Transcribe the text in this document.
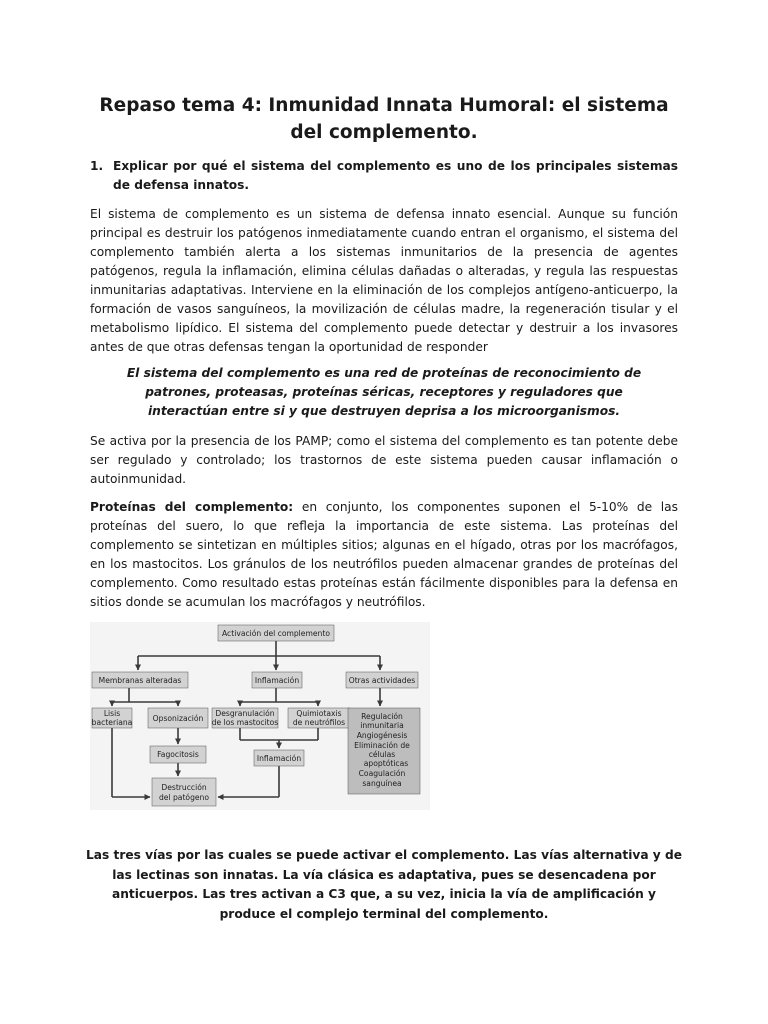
Repaso tema 4: Inmunidad Innata Humoral: el sistema del complemento.
1. Explicar por qué el sistema del complemento es uno de los principales sistemas de defensa innatos.

El sistema de complemento es un sistema de defensa innato esencial. Aunque su función principal es destruir los patógenos inmediatamente cuando entran el organismo, el sistema del complemento también alerta a los sistemas inmunitarios de la presencia de agentes patógenos, regula la inflamación, elimina células dañadas o alteradas, y regula las respuestas inmunitarias adaptativas. Interviene en la eliminación de los complejos antígeno-anticuerpo, la formación de vasos sanguíneos, la movilización de células madre, la regeneración tisular y el metabolismo lipídico. El sistema del complemento puede detectar y destruir a los invasores antes de que otras defensas tengan la oportunidad de responder

El sistema del complemento es una red de proteínas de reconocimiento de patrones, proteasas, proteínas séricas, receptores y reguladores que interactúan entre si y que destruyen deprisa a los microorganismos.

Se activa por la presencia de los PAMP; como el sistema del complemento es tan potente debe ser regulado y controlado; los trastornos de este sistema pueden causar inflamación o autoinmunidad.

Proteínas del complemento: en conjunto, los componentes suponen el 5-10% de las proteínas del suero, lo que refleja la importancia de este sistema. Las proteínas del complemento se sintetizan en múltiples sitios; algunas en el hígado, otras por los macrófagos, en los mastocitos. Los gránulos de los neutrófilos pueden almacenar grandes de proteínas del complemento. Como resultado estas proteínas están fácilmente disponibles para la defensa en sitios donde se acumulan los macrófagos y neutrófilos.

Activación del complemento
Membranas alteradas	Inflamación	Otras actividades
Lisis
bacteriana	Opsonización
Desgranulación
de los mastocitos
Quimiotaxis
de neutrófilos
Regulación
inmunitaria
Angiogénesis
Eliminación de
células
apoptóticas
Coagulación
sanguínea
Fagocitosis	Inflamación
Destrucción
del patógeno

Las tres vías por las cuales se puede activar el complemento. Las vías alternativa y de las lectinas son innatas. La vía clásica es adaptativa, pues se desencadena por anticuerpos. Las tres activan a C3 que, a su vez, inicia la vía de amplificación y produce el complejo terminal del complemento.
